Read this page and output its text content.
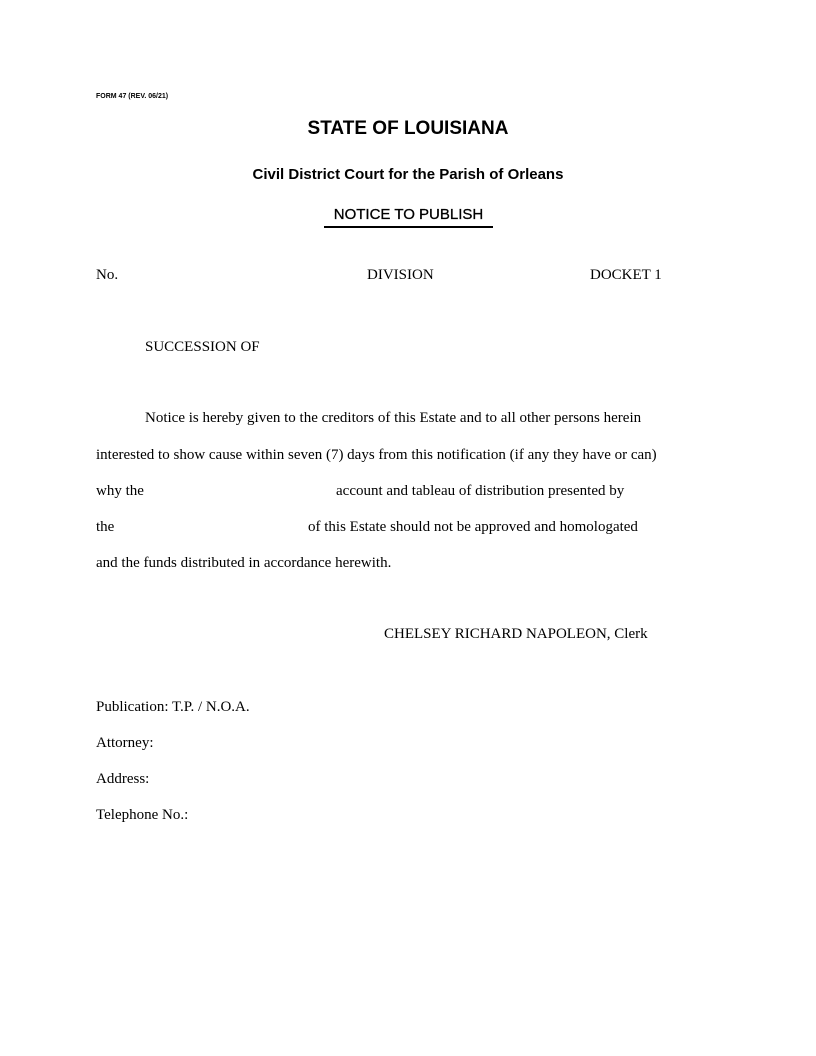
FORM 47 (REV. 06/21)
STATE OF LOUISIANA
Civil District Court for the Parish of Orleans
NOTICE TO PUBLISH
No.	DIVISION	DOCKET 1
SUCCESSION OF
Notice is hereby given to the creditors of this Estate and to all other persons herein
interested to show cause within seven (7) days from this notification (if any they have or can)
why the	account and tableau of distribution presented by
the	of this Estate should not be approved and homologated
and the funds distributed in accordance herewith.
CHELSEY RICHARD NAPOLEON, Clerk
Publication: T.P. / N.O.A.
Attorney:
Address:
Telephone No.:
